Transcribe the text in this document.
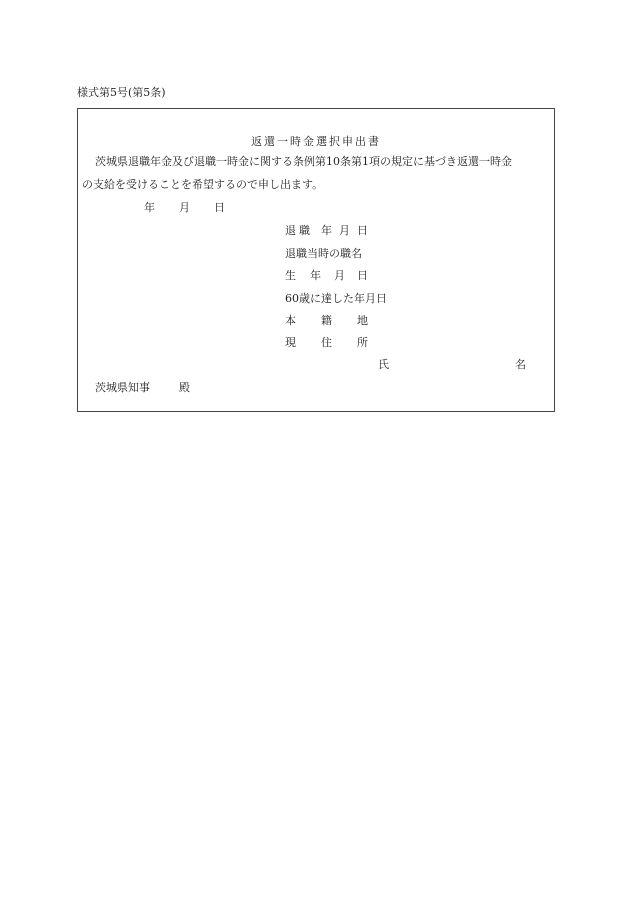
様式第5号(第5条)
返還一時金選択申出書
茨城県退職年金及び退職一時金に関する条例第10条第1項の規定に基づき返還一時金
の支給を受けることを希望するので申し出ます。
年 月 日
退 職 年 月 日
退職当時の職名
生 年 月 日
60歳に達した年月日
本 籍 地
現 住 所
氏	名
茨城県知事	殿
